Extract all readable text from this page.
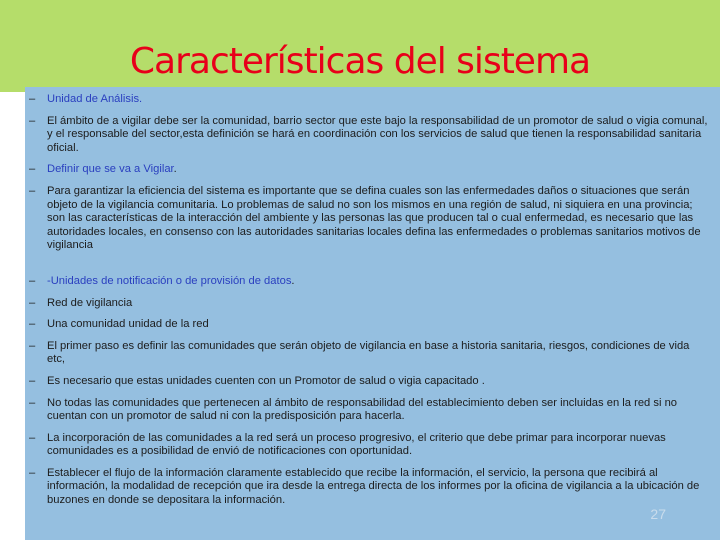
Características del sistema
– Unidad de Análisis.
– El ámbito de a vigilar debe ser la comunidad, barrio sector que este bajo la responsabilidad de un promotor de salud o vigia comunal, y el responsable del sector,esta definición se hará en coordinación con los servicios de salud que tienen la responsabilidad sanitaria oficial.
– Definir que se va a Vigilar.
– Para garantizar la eficiencia del sistema es importante que se defina cuales son las enfermedades daños o situaciones que serán objeto de la vigilancia comunitaria. Lo problemas de salud no son los mismos en una región de salud, ni siquiera en una provincia; son las características de la interacción del ambiente y las personas las que producen tal o cual enfermedad, es necesario que las autoridades locales, en consenso con las autoridades sanitarias locales defina las enfermedades o problemas sanitarios motivos de vigilancia
– -Unidades de notificación o de provisión de datos.
– Red de vigilancia
– Una comunidad unidad de la red
– El primer paso es definir las comunidades que serán objeto de vigilancia en base a historia sanitaria, riesgos, condiciones de vida etc,
– Es necesario que estas unidades cuenten con un Promotor de salud o vigia capacitado .
– No todas las comunidades que pertenecen al ámbito de responsabilidad del establecimiento deben ser incluidas en la red si no cuentan con un promotor de salud ni con la predisposición para hacerla.
– La incorporación de las comunidades a la red será un proceso progresivo, el criterio que debe primar para incorporar nuevas comunidades es a posibilidad de envió de notificaciones con oportunidad.
– Establecer el flujo de la información claramente establecido que recibe la información, el servicio, la persona que recibirá al información, la modalidad de recepción que ira desde la entrega directa de los informes por la oficina de vigilancia a la ubicación de buzones en donde se depositara la información.
27
